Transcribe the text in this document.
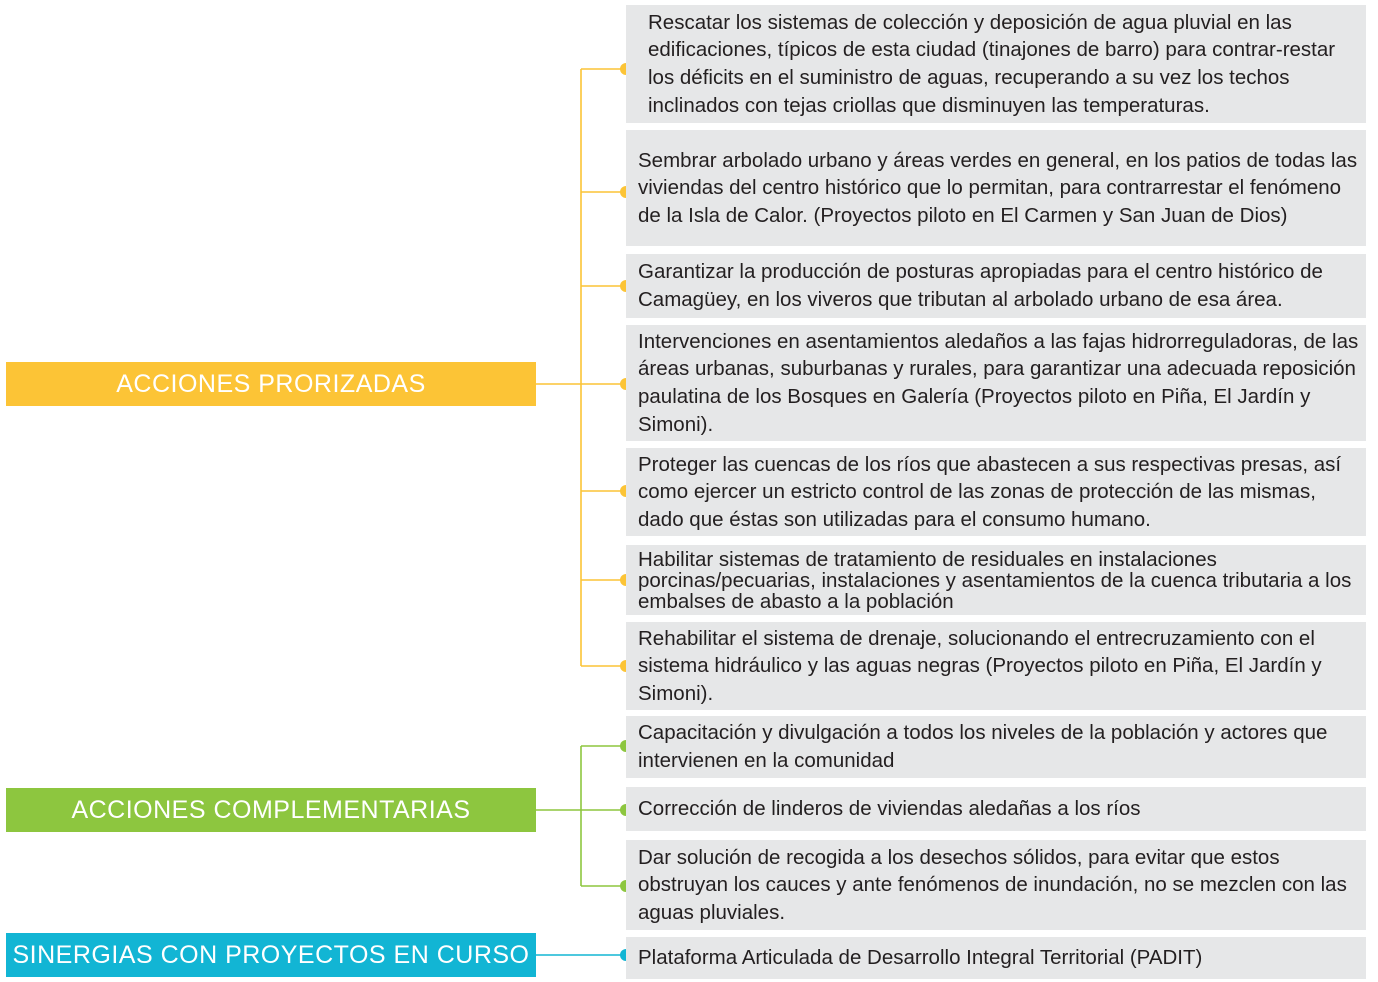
ACCIONES PRORIZADAS
ACCIONES COMPLEMENTARIAS
SINERGIAS CON PROYECTOS EN CURSO
Rescatar los sistemas de colección y deposición de agua pluvial en las edificaciones, típicos de esta ciudad (tinajones de barro) para contrar-restar los déficits en el suministro de aguas, recuperando a su vez los techos inclinados con tejas criollas que disminuyen las temperaturas.
Sembrar arbolado urbano y áreas verdes en general, en los patios de todas las viviendas del centro histórico que lo permitan, para contrarrestar el fenómeno de la Isla de Calor. (Proyectos piloto en El Carmen y San Juan de Dios)
Garantizar la producción de posturas apropiadas para el centro histórico de Camagüey, en los viveros que tributan al arbolado urbano de esa área.
Intervenciones en asentamientos aledaños a las fajas hidrorreguladoras, de las áreas urbanas, suburbanas y rurales, para garantizar una adecuada reposición paulatina de los Bosques en Galería (Proyectos piloto en Piña, El Jardín y Simoni).
Proteger las cuencas de los ríos que abastecen a sus respectivas presas, así como ejercer un estricto control de las zonas de protección de las mismas, dado que éstas son utilizadas para el consumo humano.
Habilitar sistemas de tratamiento de residuales en instalaciones porcinas/pecuarias, instalaciones y asentamientos de la cuenca tributaria a los embalses de abasto a la población
Rehabilitar el sistema de drenaje, solucionando el entrecruzamiento con el sistema hidráulico y las aguas negras (Proyectos piloto en Piña, El Jardín y Simoni).
Capacitación y divulgación a todos los niveles de la población y actores que intervienen en la comunidad
Corrección de linderos de viviendas aledañas a los ríos
Dar solución de recogida a los desechos sólidos, para evitar que estos obstruyan los cauces y ante fenómenos de inundación, no se mezclen con las aguas pluviales.
Plataforma Articulada de Desarrollo Integral Territorial (PADIT)
